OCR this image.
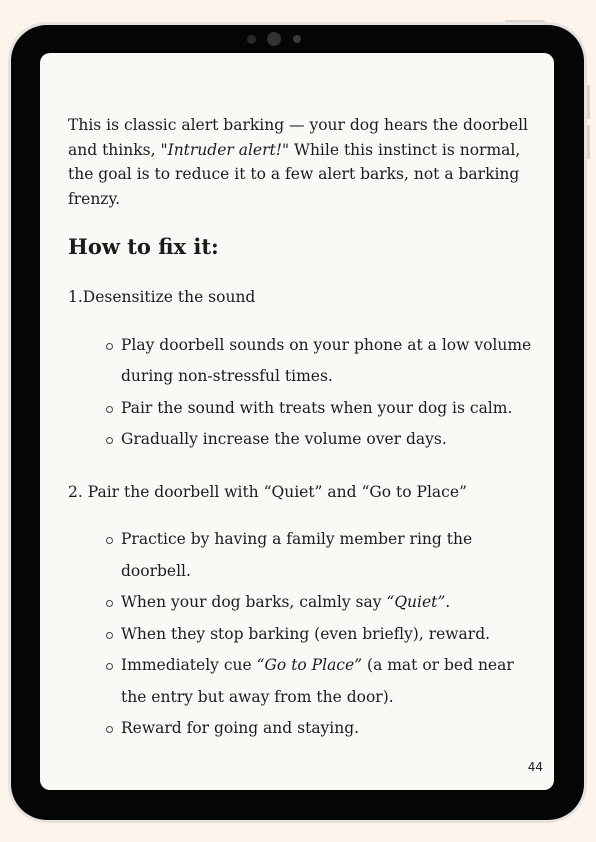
This is classic alert barking — your dog hears the doorbell and thinks, "Intruder alert!" While this instinct is normal, the goal is to reduce it to a few alert barks, not a barking frenzy.

How to fix it:

1.Desensitize the sound

Play doorbell sounds on your phone at a low volume during non-stressful times.
Pair the sound with treats when your dog is calm.
Gradually increase the volume over days.

2. Pair the doorbell with “Quiet” and “Go to Place”

Practice by having a family member ring the doorbell.
When your dog barks, calmly say “Quiet”.
When they stop barking (even briefly), reward.
Immediately cue “Go to Place” (a mat or bed near the entry but away from the door).
Reward for going and staying.
44
